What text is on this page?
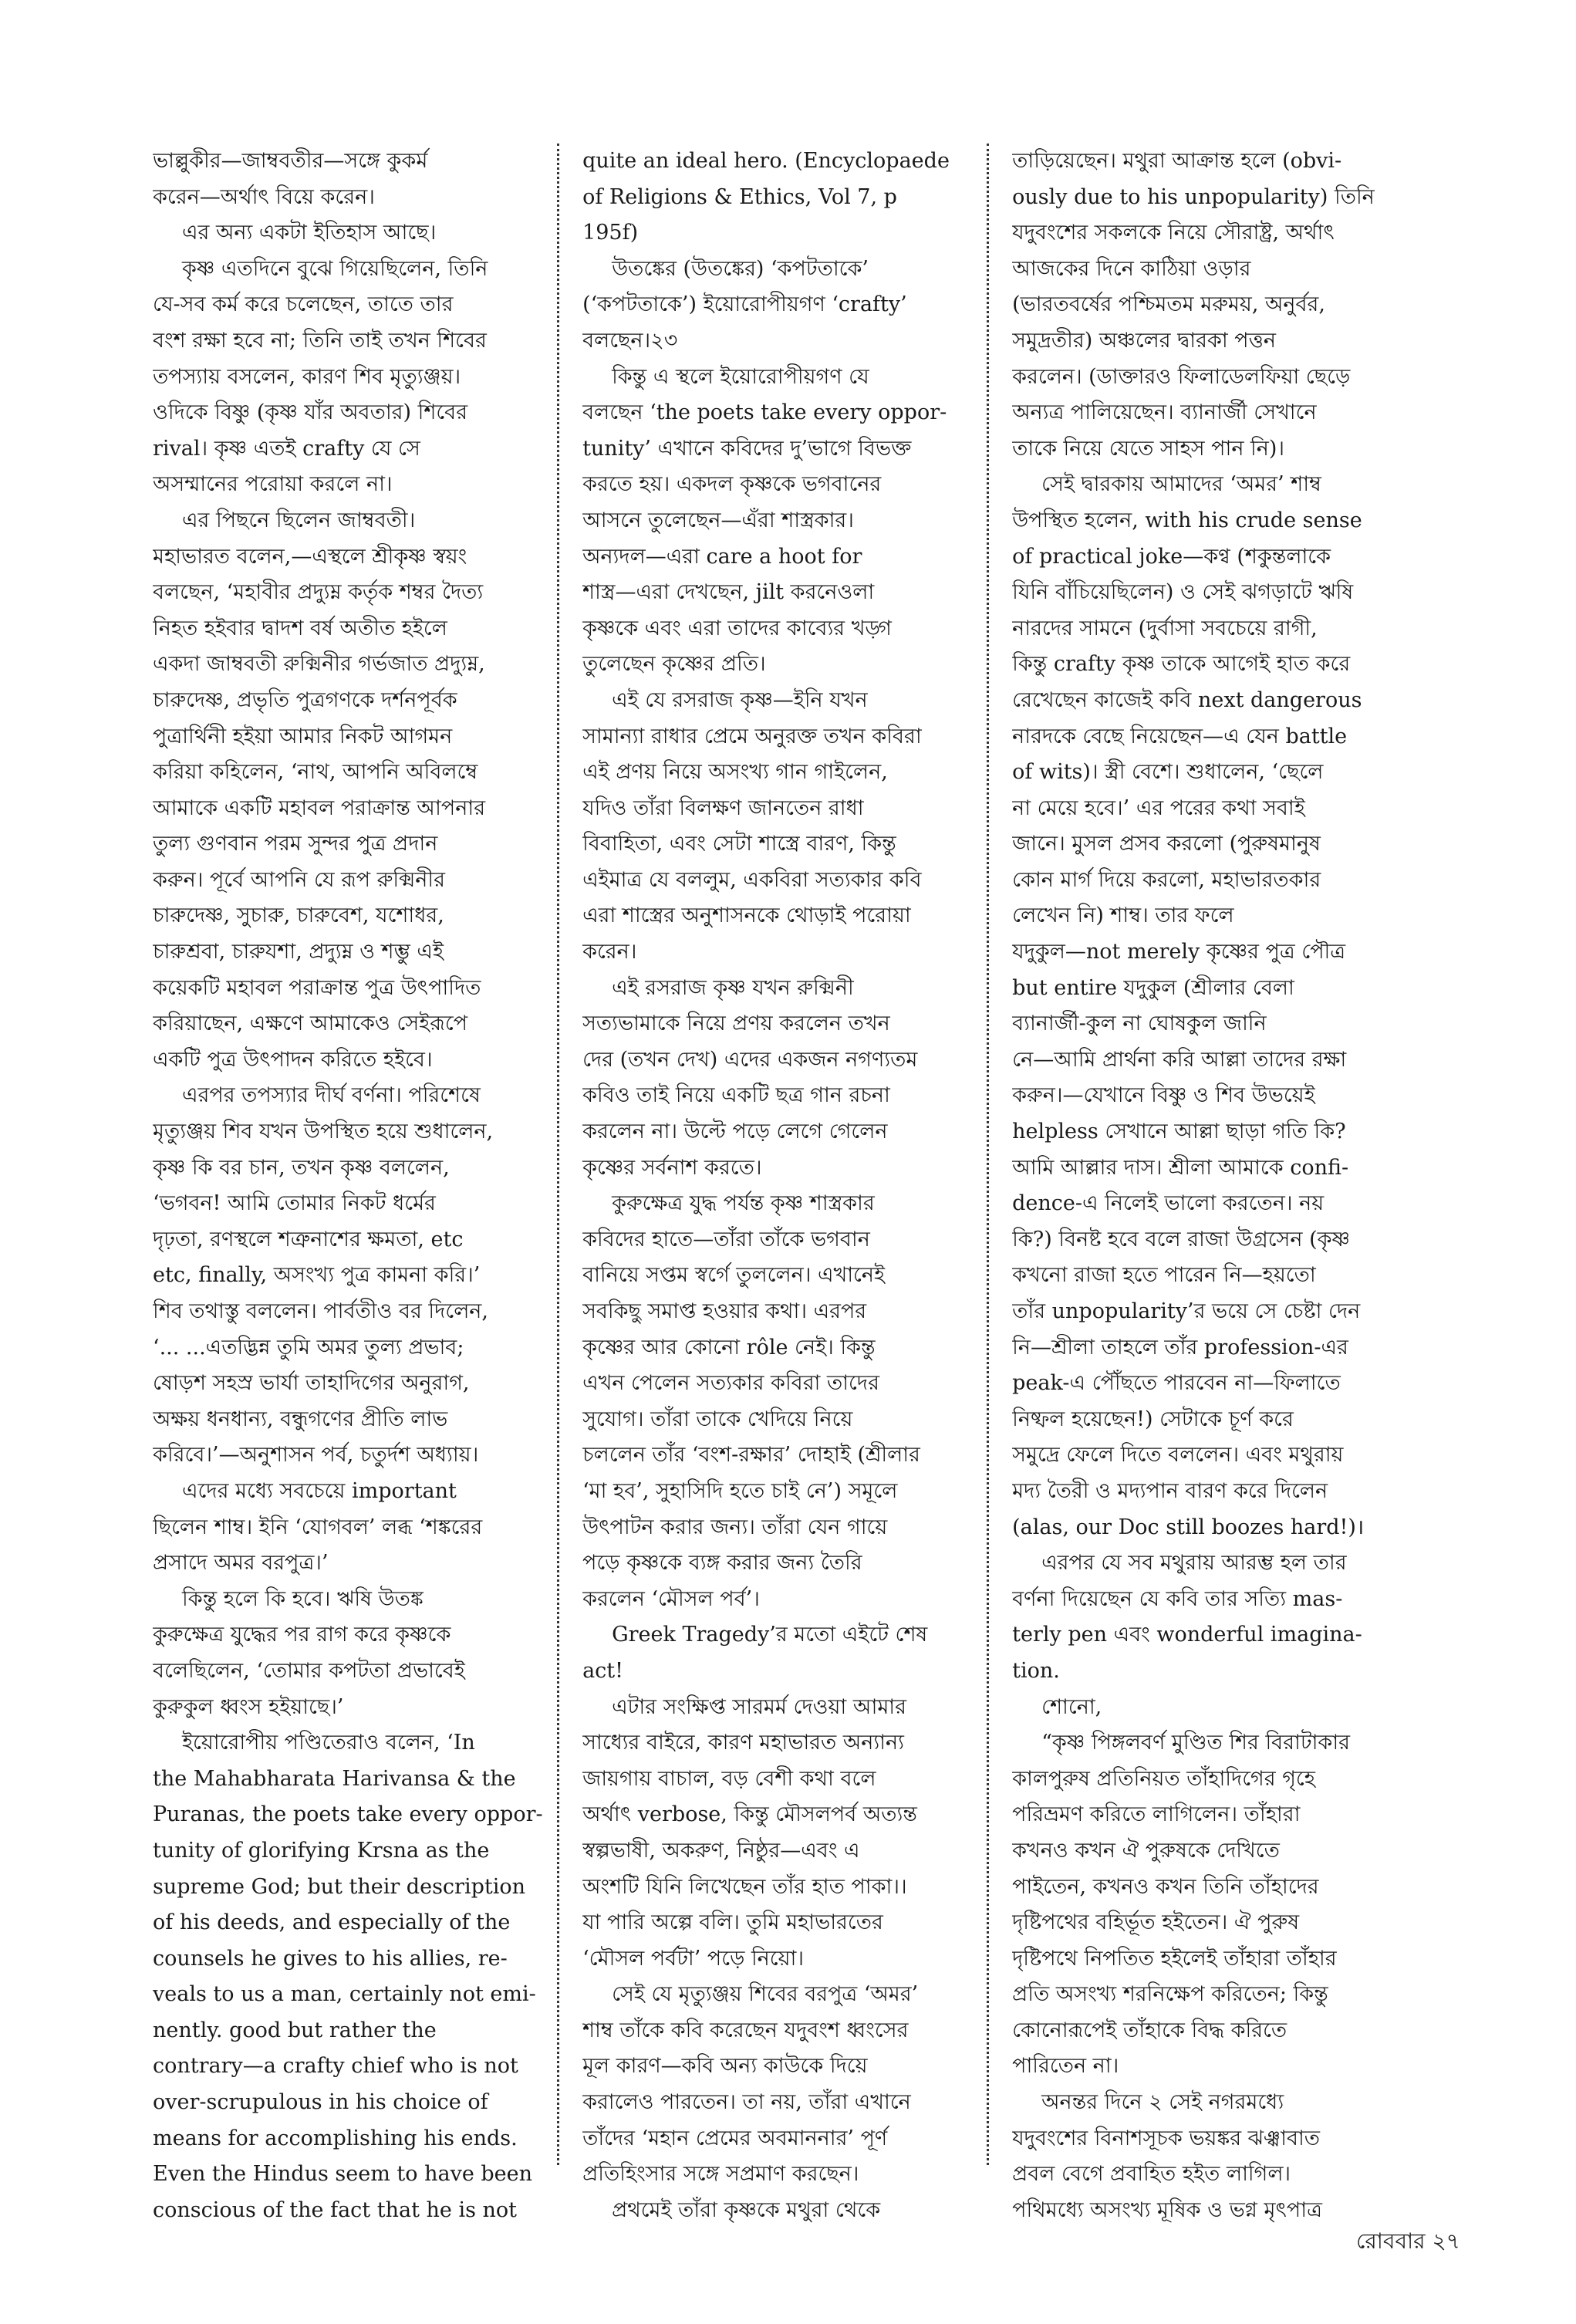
ভাল্লুকীর—জাম্ববতীর—সঙ্গে কুকর্ম
করেন—অর্থাৎ বিয়ে করেন।
এর অন্য একটা ইতিহাস আছে।
কৃষ্ণ এতদিনে বুঝে গিয়েছিলেন, তিনি
যে-সব কর্ম করে চলেছেন, তাতে তার
বংশ রক্ষা হবে না; তিনি তাই তখন শিবের
তপস্যায় বসলেন, কারণ শিব মৃত্যুঞ্জয়।
ওদিকে বিষ্ণু (কৃষ্ণ যাঁর অবতার) শিবের
rival। কৃষ্ণ এতই crafty যে সে
অসম্মানের পরোয়া করলে না।
এর পিছনে ছিলেন জাম্ববতী।
মহাভারত বলেন,—এস্থলে শ্রীকৃষ্ণ স্বয়ং
বলছেন, ‘মহাবীর প্রদ্যুম্ন কর্তৃক শম্বর দৈত্য
নিহত হইবার দ্বাদশ বর্ষ অতীত হইলে
একদা জাম্ববতী রুক্মিনীর গর্ভজাত প্রদ্যুম্ন,
চারুদেষ্ণ, প্রভৃতি পুত্রগণকে দর্শনপূর্বক
পুত্রার্থিনী হইয়া আমার নিকট আগমন
করিয়া কহিলেন, ‘নাথ, আপনি অবিলম্বে
আমাকে একটি মহাবল পরাক্রান্ত আপনার
তুল্য গুণবান পরম সুন্দর পুত্র প্রদান
করুন। পূর্বে আপনি যে রূপ রুক্মিনীর
চারুদেষ্ণ, সুচারু, চারুবেশ, যশোধর,
চারুশ্রবা, চারুযশা, প্রদ্যুম্ন ও শম্ভু এই
কয়েকটি মহাবল পরাক্রান্ত পুত্র উৎপাদিত
করিয়াছেন, এক্ষণে আমাকেও সেইরূপে
একটি পুত্র উৎপাদন করিতে হইবে।
এরপর তপস্যার দীর্ঘ বর্ণনা। পরিশেষে
মৃত্যুঞ্জয় শিব যখন উপস্থিত হয়ে শুধালেন,
কৃষ্ণ কি বর চান, তখন কৃষ্ণ বললেন,
‘ভগবন! আমি তোমার নিকট ধর্মের
দৃঢ়তা, রণস্থলে শত্রুনাশের ক্ষমতা, etc
etc, finally, অসংখ্য পুত্র কামনা করি।’
শিব তথাস্তু বললেন। পার্বতীও বর দিলেন,
‘... ...এতদ্ভিন্ন তুমি অমর তুল্য প্রভাব;
ষোড়শ সহস্র ভার্যা তাহাদিগের অনুরাগ,
অক্ষয় ধনধান্য, বন্ধুগণের প্রীতি লাভ
করিবে।’—অনুশাসন পর্ব, চতুর্দশ অধ্যায়।
এদের মধ্যে সবচেয়ে important
ছিলেন শাম্ব। ইনি ‘যোগবল’ লব্ধ ‘শঙ্করের
প্রসাদে অমর বরপুত্র।’
কিন্তু হলে কি হবে। ঋষি উতঙ্ক
কুরুক্ষেত্র যুদ্ধের পর রাগ করে কৃষ্ণকে
বলেছিলেন, ‘তোমার কপটতা প্রভাবেই
কুরুকুল ধ্বংস হইয়াছে।’
ইয়োরোপীয় পণ্ডিতেরাও বলেন, ‘In
the Mahabharata Harivansa & the
Puranas, the poets take every oppor-
tunity of glorifying Krsna as the
supreme God; but their description
of his deeds, and especially of the
counsels he gives to his allies, re-
veals to us a man, certainly not emi-
nently. good but rather the
contrary—a crafty chief who is not
over-scrupulous in his choice of
means for accomplishing his ends.
Even the Hindus seem to have been
conscious of the fact that he is not
quite an ideal hero. (Encyclopaede
of Religions & Ethics, Vol 7, p
195f)
উতঙ্কের (উতঙ্কের) ‘কপটতাকে’
(‘কপটতাকে’) ইয়োরোপীয়গণ ‘crafty’
বলছেন।২৩
কিন্তু এ স্থলে ইয়োরোপীয়গণ যে
বলছেন ‘the poets take every oppor-
tunity’ এখানে কবিদের দু’ভাগে বিভক্ত
করতে হয়। একদল কৃষ্ণকে ভগবানের
আসনে তুলেছেন—এঁরা শাস্ত্রকার।
অন্যদল—এরা care a hoot for
শাস্ত্র—এরা দেখছেন, jilt করনেওলা
কৃষ্ণকে এবং এরা তাদের কাব্যের খড়্গ
তুলেছেন কৃষ্ণের প্রতি।
এই যে রসরাজ কৃষ্ণ—ইনি যখন
সামান্যা রাধার প্রেমে অনুরক্ত তখন কবিরা
এই প্রণয় নিয়ে অসংখ্য গান গাইলেন,
যদিও তাঁরা বিলক্ষণ জানতেন রাধা
বিবাহিতা, এবং সেটা শাস্ত্রে বারণ, কিন্তু
এইমাত্র যে বললুম, একবিরা সত্যকার কবি
এরা শাস্ত্রের অনুশাসনকে থোড়াই পরোয়া
করেন।
এই রসরাজ কৃষ্ণ যখন রুক্মিনী
সত্যভামাকে নিয়ে প্রণয় করলেন তখন
দের (তখন দেখ) এদের একজন নগণ্যতম
কবিও তাই নিয়ে একটি ছত্র গান রচনা
করলেন না। উল্টে পড়ে লেগে গেলেন
কৃষ্ণের সর্বনাশ করতে।
কুরুক্ষেত্র যুদ্ধ পর্যন্ত কৃষ্ণ শাস্ত্রকার
কবিদের হাতে—তাঁরা তাঁকে ভগবান
বানিয়ে সপ্তম স্বর্গে তুললেন। এখানেই
সবকিছু সমাপ্ত হওয়ার কথা। এরপর
কৃষ্ণের আর কোনো rôle নেই। কিন্তু
এখন পেলেন সত্যকার কবিরা তাদের
সুযোগ। তাঁরা তাকে খেদিয়ে নিয়ে
চললেন তাঁর ‘বংশ-রক্ষার’ দোহাই (শ্রীলার
‘মা হব’, সুহাসিদি হতে চাই নে’) সমূলে
উৎপাটন করার জন্য। তাঁরা যেন গায়ে
পড়ে কৃষ্ণকে ব্যঙ্গ করার জন্য তৈরি
করলেন ‘মৌসল পর্ব’।
Greek Tragedy’র মতো এইটে শেষ
act!
এটার সংক্ষিপ্ত সারমর্ম দেওয়া আমার
সাধ্যের বাইরে, কারণ মহাভারত অন্যান্য
জায়গায় বাচাল, বড় বেশী কথা বলে
অর্থাৎ verbose, কিন্তু মৌসলপর্ব অত্যন্ত
স্বল্পভাষী, অকরুণ, নিষ্ঠুর—এবং এ
অংশটি যিনি লিখেছেন তাঁর হাত পাকা।।
যা পারি অল্পে বলি। তুমি মহাভারতের
‘মৌসল পর্বটা’ পড়ে নিয়ো।
সেই যে মৃত্যুঞ্জয় শিবের বরপুত্র ‘অমর’
শাম্ব তাঁকে কবি করেছেন যদুবংশ ধ্বংসের
মূল কারণ—কবি অন্য কাউকে দিয়ে
করালেও পারতেন। তা নয়, তাঁরা এখানে
তাঁদের ‘মহান প্রেমের অবমাননার’ পূর্ণ
প্রতিহিংসার সঙ্গে সপ্রমাণ করছেন।
প্রথমেই তাঁরা কৃষ্ণকে মথুরা থেকে
তাড়িয়েছেন। মথুরা আক্রান্ত হলে (obvi-
ously due to his unpopularity) তিনি
যদুবংশের সকলকে নিয়ে সৌরাষ্ট্র, অর্থাৎ
আজকের দিনে কাঠিয়া ওড়ার
(ভারতবর্ষের পশ্চিমতম মরুময়, অনুর্বর,
সমুদ্রতীর) অঞ্চলের দ্বারকা পত্তন
করলেন। (ডাক্তারও ফিলাডেলফিয়া ছেড়ে
অন্যত্র পালিয়েছেন। ব্যানার্জী সেখানে
তাকে নিয়ে যেতে সাহস পান নি)।
সেই দ্বারকায় আমাদের ‘অমর’ শাম্ব
উপস্থিত হলেন, with his crude sense
of practical joke—কণ্ব (শকুন্তলাকে
যিনি বাঁচিয়েছিলেন) ও সেই ঝগড়াটে ঋষি
নারদের সামনে (দুর্বাসা সবচেয়ে রাগী,
কিন্তু crafty কৃষ্ণ তাকে আগেই হাত করে
রেখেছেন কাজেই কবি next dangerous
নারদকে বেছে নিয়েছেন—এ যেন battle
of wits)। স্ত্রী বেশে। শুধালেন, ‘ছেলে
না মেয়ে হবে।’ এর পরের কথা সবাই
জানে। মুসল প্রসব করলো (পুরুষমানুষ
কোন মার্গ দিয়ে করলো, মহাভারতকার
লেখেন নি) শাম্ব। তার ফলে
যদুকুল—not merely কৃষ্ণের পুত্র পৌত্র
but entire যদুকুল (শ্রীলার বেলা
ব্যানার্জী-কুল না ঘোষকুল জানি
নে—আমি প্রার্থনা করি আল্লা তাদের রক্ষা
করুন।—যেখানে বিষ্ণু ও শিব উভয়েই
helpless সেখানে আল্লা ছাড়া গতি কি?
আমি আল্লার দাস। শ্রীলা আমাকে confi-
dence-এ নিলেই ভালো করতেন। নয়
কি?) বিনষ্ট হবে বলে রাজা উগ্রসেন (কৃষ্ণ
কখনো রাজা হতে পারেন নি—হয়তো
তাঁর unpopularity’র ভয়ে সে চেষ্টা দেন
নি—শ্রীলা তাহলে তাঁর profession-এর
peak-এ পৌঁছতে পারবেন না—ফিলাতে
নিষ্ফল হয়েছেন!) সেটাকে চূর্ণ করে
সমুদ্রে ফেলে দিতে বললেন। এবং মথুরায়
মদ্য তৈরী ও মদ্যপান বারণ করে দিলেন
(alas, our Doc still boozes hard!)।
এরপর যে সব মথুরায় আরম্ভ হল তার
বর্ণনা দিয়েছেন যে কবি তার সত্যি mas-
terly pen এবং wonderful imagina-
tion.
শোনো,
“কৃষ্ণ পিঙ্গলবর্ণ মুণ্ডিত শির বিরাটাকার
কালপুরুষ প্রতিনিয়ত তাঁহাদিগের গৃহে
পরিভ্রমণ করিতে লাগিলেন। তাঁহারা
কখনও কখন ঐ পুরুষকে দেখিতে
পাইতেন, কখনও কখন তিনি তাঁহাদের
দৃষ্টিপথের বহির্ভূত হইতেন। ঐ পুরুষ
দৃষ্টিপথে নিপতিত হইলেই তাঁহারা তাঁহার
প্রতি অসংখ্য শরনিক্ষেপ করিতেন; কিন্তু
কোনোরূপেই তাঁহাকে বিদ্ধ করিতে
পারিতেন না।
অনন্তর দিনে ২ সেই নগরমধ্যে
যদুবংশের বিনাশসূচক ভয়ঙ্কর ঝঞ্ঝাবাত
প্রবল বেগে প্রবাহিত হইত লাগিল।
পথিমধ্যে অসংখ্য মূষিক ও ভগ্ন মৃৎপাত্র
রোববার ২৭
